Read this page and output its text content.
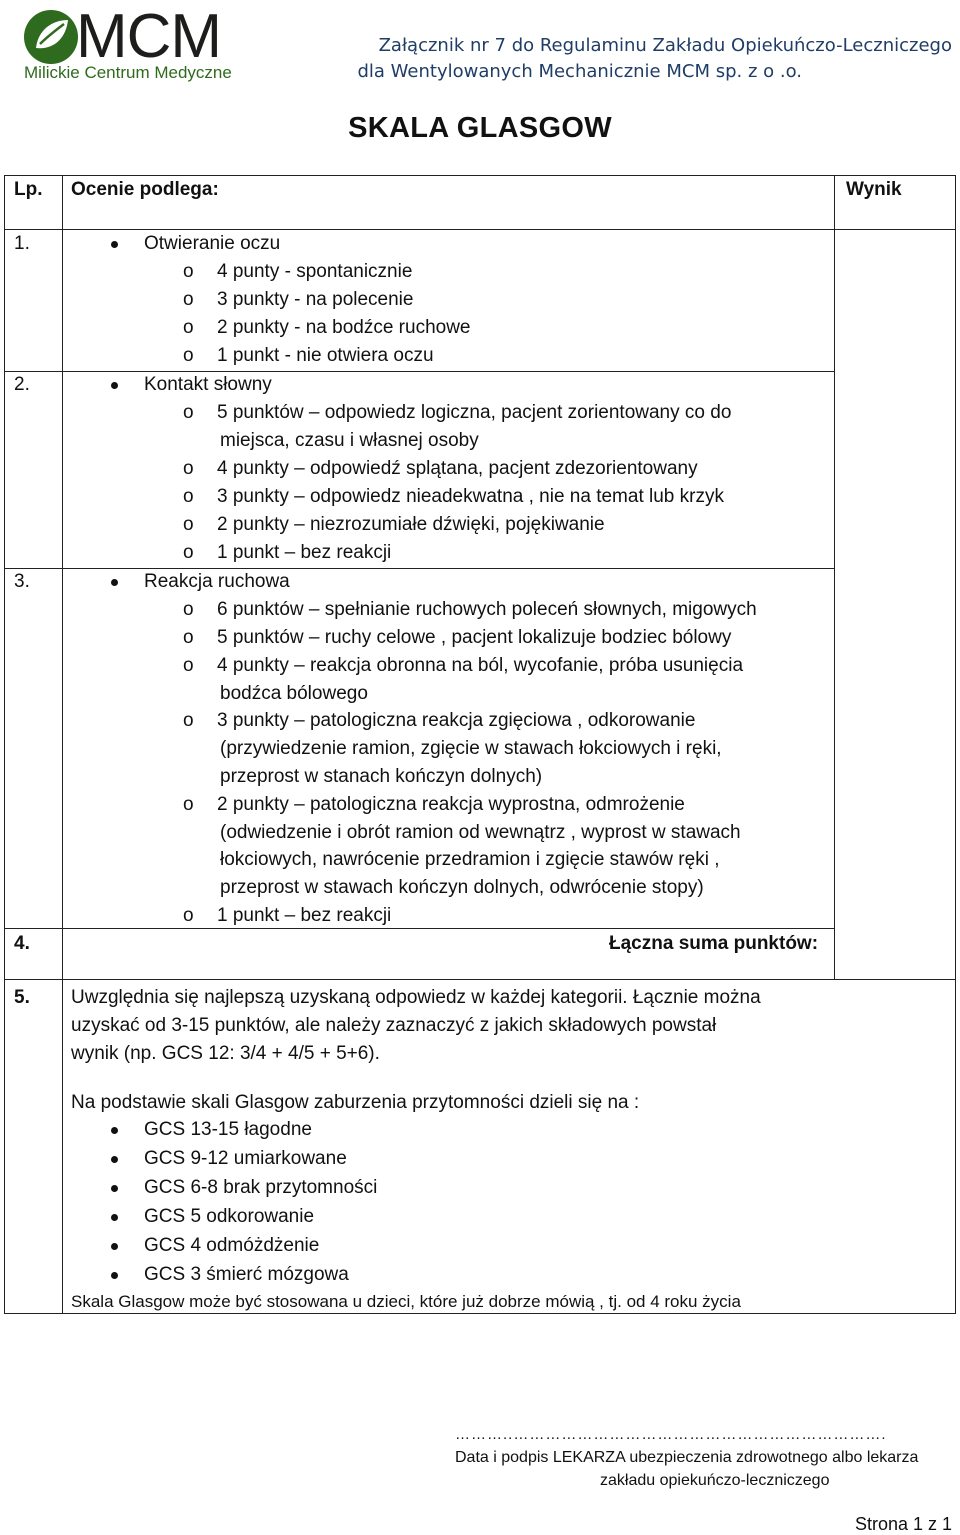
MCM
Milickie Centrum Medyczne
Załącznik nr 7 do Regulaminu Zakładu Opiekuńczo-Leczniczego
dla Wentylowanych Mechanicznie MCM sp. z o .o.
SKALA GLASGOW
Lp. Ocenie podlega:	Wynik
1.	Otwieranie oczu
o 4 punty - spontanicznie
o 3 punkty - na polecenie
o 2 punkty - na bodźce ruchowe
o 1 punkt - nie otwiera oczu
2.	Kontakt słowny
o 5 punktów – odpowiedz logiczna, pacjent zorientowany co do
miejsca, czasu i własnej osoby
o 4 punkty – odpowiedź splątana, pacjent zdezorientowany
o 3 punkty – odpowiedz nieadekwatna , nie na temat lub krzyk
o 2 punkty – niezrozumiałe dźwięki, pojękiwanie
o 1 punkt – bez reakcji
3.	Reakcja ruchowa
o 6 punktów – spełnianie ruchowych poleceń słownych, migowych
o 5 punktów – ruchy celowe , pacjent lokalizuje bodziec bólowy
o 4 punkty – reakcja obronna na ból, wycofanie, próba usunięcia
bodźca bólowego
o 3 punkty – patologiczna reakcja zgięciowa , odkorowanie
(przywiedzenie ramion, zgięcie w stawach łokciowych i ręki,
przeprost w stanach kończyn dolnych)
o 2 punkty – patologiczna reakcja wyprostna, odmrożenie
(odwiedzenie i obrót ramion od wewnątrz , wyprost w stawach
łokciowych, nawrócenie przedramion i zgięcie stawów ręki ,
przeprost w stawach kończyn dolnych, odwrócenie stopy)
o 1 punkt – bez reakcji
4.	Łączna suma punktów:
5. Uwzględnia się najlepszą uzyskaną odpowiedz w każdej kategorii. Łącznie można
uzyskać od 3-15 punktów, ale należy zaznaczyć z jakich składowych powstał
wynik (np. GCS 12: 3/4 + 4/5 + 5+6).
Na podstawie skali Glasgow zaburzenia przytomności dzieli się na :
GCS 13-15 łagodne
GCS 9-12 umiarkowane
GCS 6-8 brak przytomności
GCS 5 odkorowanie
GCS 4 odmóżdżenie
GCS 3 śmierć mózgowa
Skala Glasgow może być stosowana u dzieci, które już dobrze mówią , tj. od 4 roku życia
………..…………………………………………………………….
Data i podpis LEKARZA ubezpieczenia zdrowotnego albo lekarza
zakładu opiekuńczo-leczniczego
Strona 1 z 1
